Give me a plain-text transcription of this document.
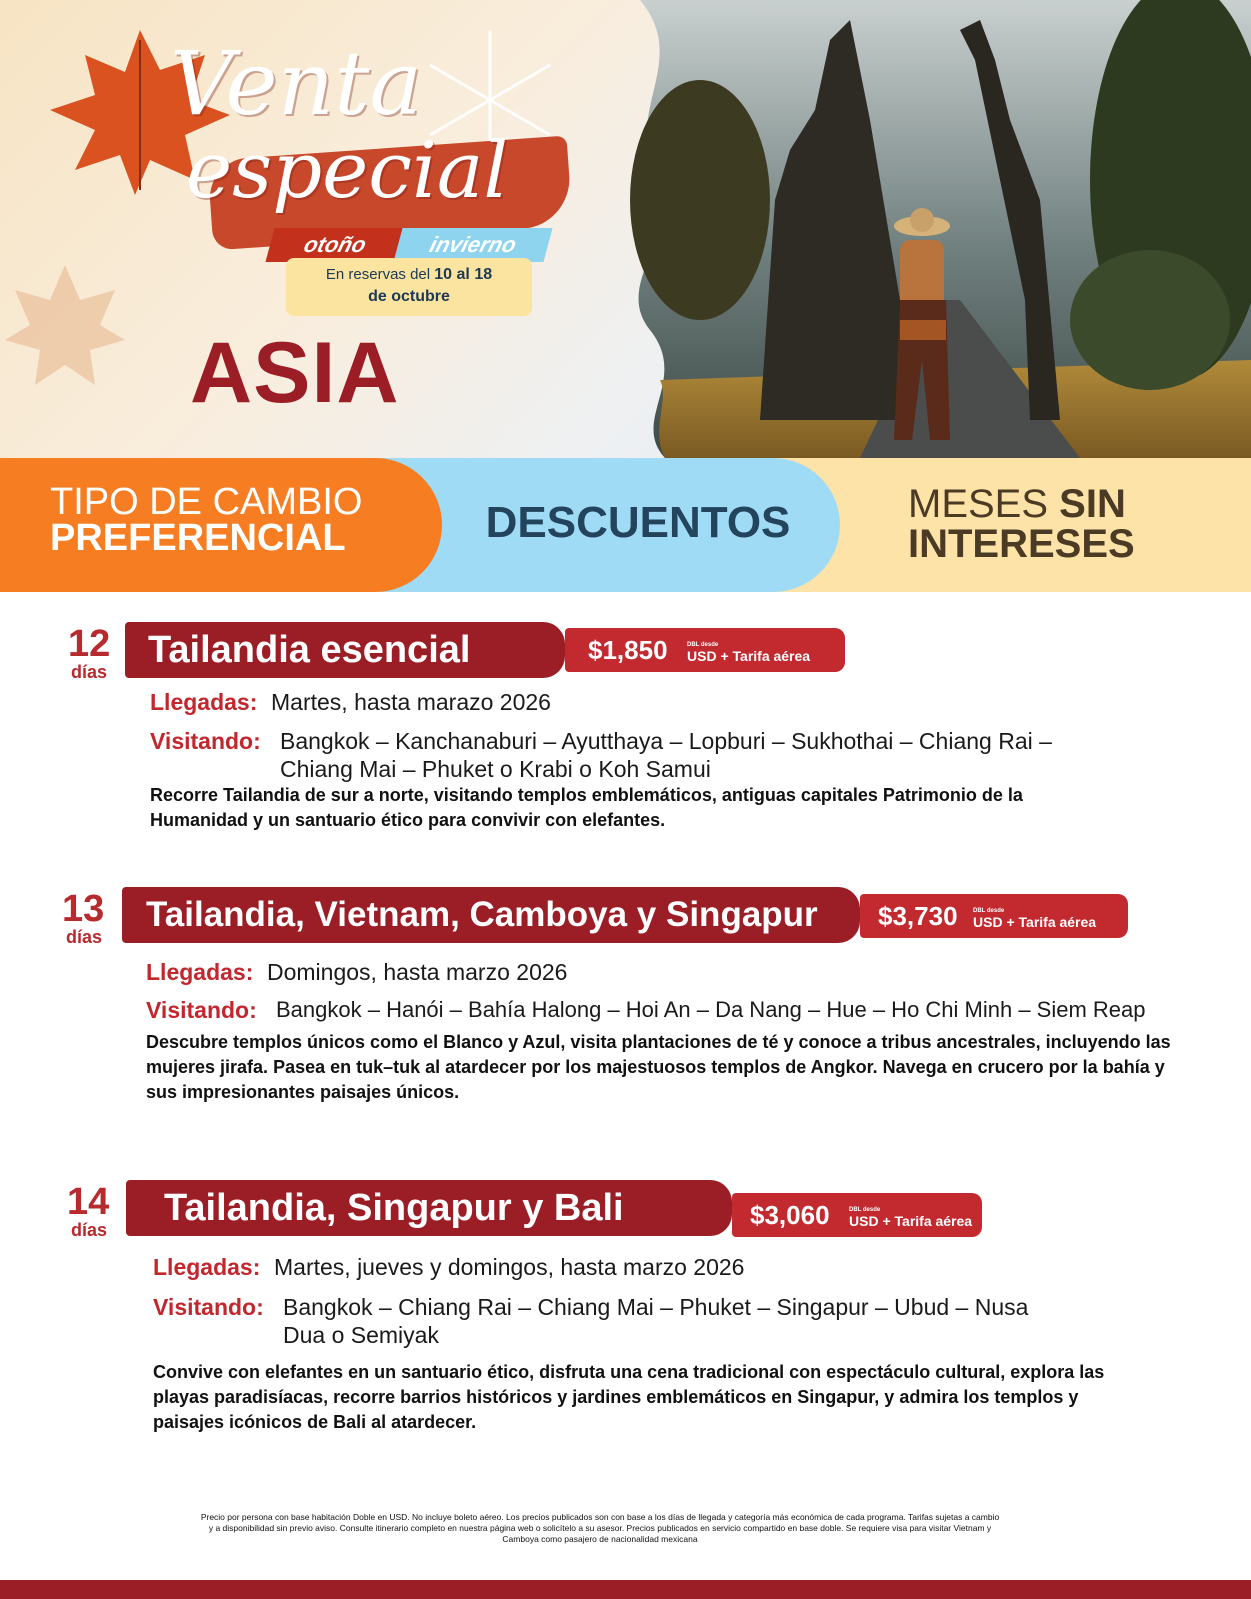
Venta
especial
otoño	invierno
En reservas del 10 al 18
de octubre
ASIA
TIPO DE CAMBIO
PREFERENCIAL	DESCUENTOS	MESES SIN
INTERESES
12
días
Tailandia esencial	$1,850	DBL desde
USD + Tarifa aérea
Llegadas: Martes, hasta marazo 2026
Visitando: Bangkok – Kanchanaburi – Ayutthaya – Lopburi – Sukhothai – Chiang Rai – Chiang Mai – Phuket o Krabi o Koh Samui
Recorre Tailandia de sur a norte, visitando templos emblemáticos, antiguas capitales Patrimonio de la Humanidad y un santuario ético para convivir con elefantes.
13
días
Tailandia, Vietnam, Camboya y Singapur $3,730	DBL desde
USD + Tarifa aérea
Llegadas: Domingos, hasta marzo 2026
Visitando: Bangkok – Hanói – Bahía Halong – Hoi An – Da Nang – Hue – Ho Chi Minh – Siem Reap
Descubre templos únicos como el Blanco y Azul, visita plantaciones de té y conoce a tribus ancestrales, incluyendo las mujeres jirafa. Pasea en tuk–tuk al atardecer por los majestuosos templos de Angkor. Navega en crucero por la bahía y sus impresionantes paisajes únicos.
14
días
Tailandia, Singapur y Bali	$3,060	DBL desde
USD + Tarifa aérea
Llegadas: Martes, jueves y domingos, hasta marzo 2026
Visitando: Bangkok – Chiang Rai – Chiang Mai – Phuket – Singapur – Ubud – Nusa Dua o Semiyak
Convive con elefantes en un santuario ético, disfruta una cena tradicional con espectáculo cultural, explora las playas paradisíacas, recorre barrios históricos y jardines emblemáticos en Singapur, y admira los templos y paisajes icónicos de Bali al atardecer.
Precio por persona con base habitación Doble en USD. No incluye boleto aéreo. Los precios publicados son con base a los días de llegada y categoría más económica de cada programa. Tarifas sujetas a cambio y a disponibilidad sin previo aviso. Consulte itinerario completo en nuestra página web o solicítelo a su asesor. Precios publicados en servicio compartido en base doble. Se requiere visa para visitar Vietnam y Camboya como pasajero de nacionalidad mexicana
